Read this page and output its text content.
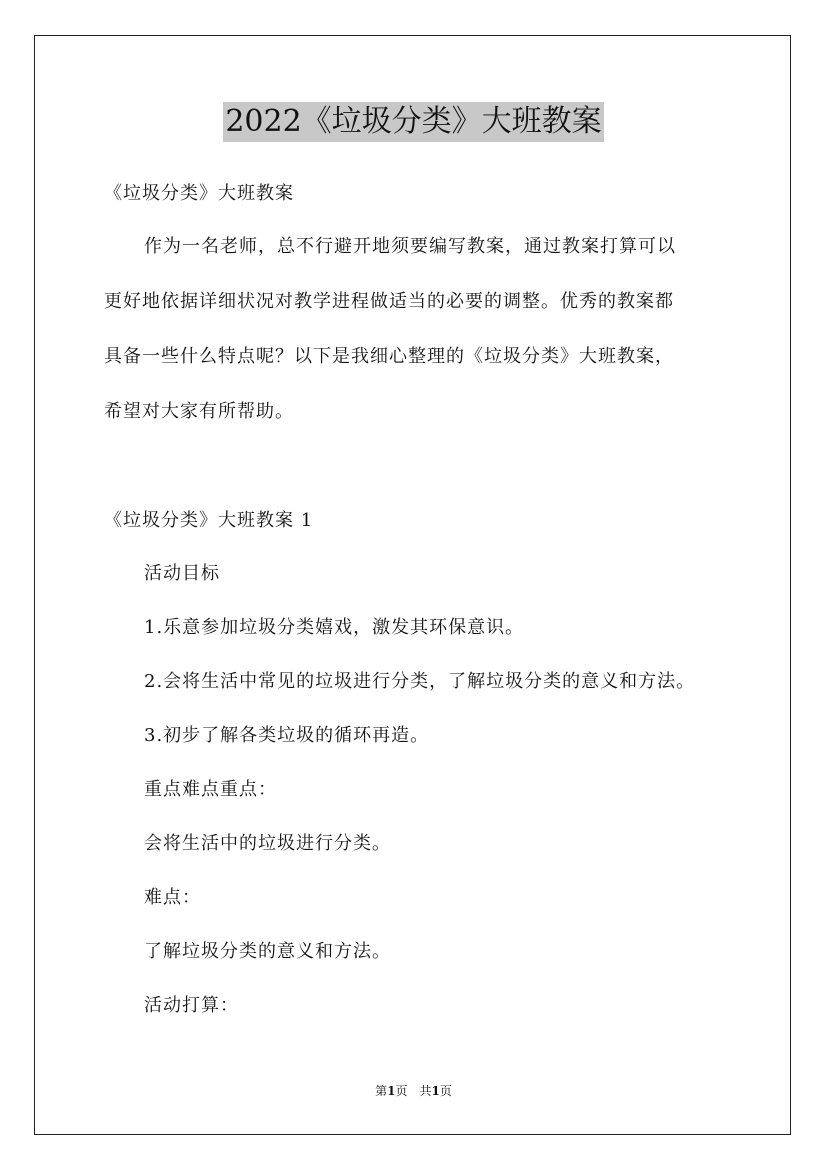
2022《垃圾分类》大班教案
《垃圾分类》大班教案
作为一名老师，总不行避开地须要编写教案，通过教案打算可以
更好地依据详细状况对教学进程做适当的必要的调整。优秀的教案都
具备一些什么特点呢？以下是我细心整理的《垃圾分类》大班教案，
希望对大家有所帮助。
《垃圾分类》大班教案 1
活动目标
1.乐意参加垃圾分类嬉戏，激发其环保意识。
2.会将生活中常见的垃圾进行分类，了解垃圾分类的意义和方法。
3.初步了解各类垃圾的循环再造。
重点难点重点：
会将生活中的垃圾进行分类。
难点：
了解垃圾分类的意义和方法。
活动打算：
第1页　共1页
